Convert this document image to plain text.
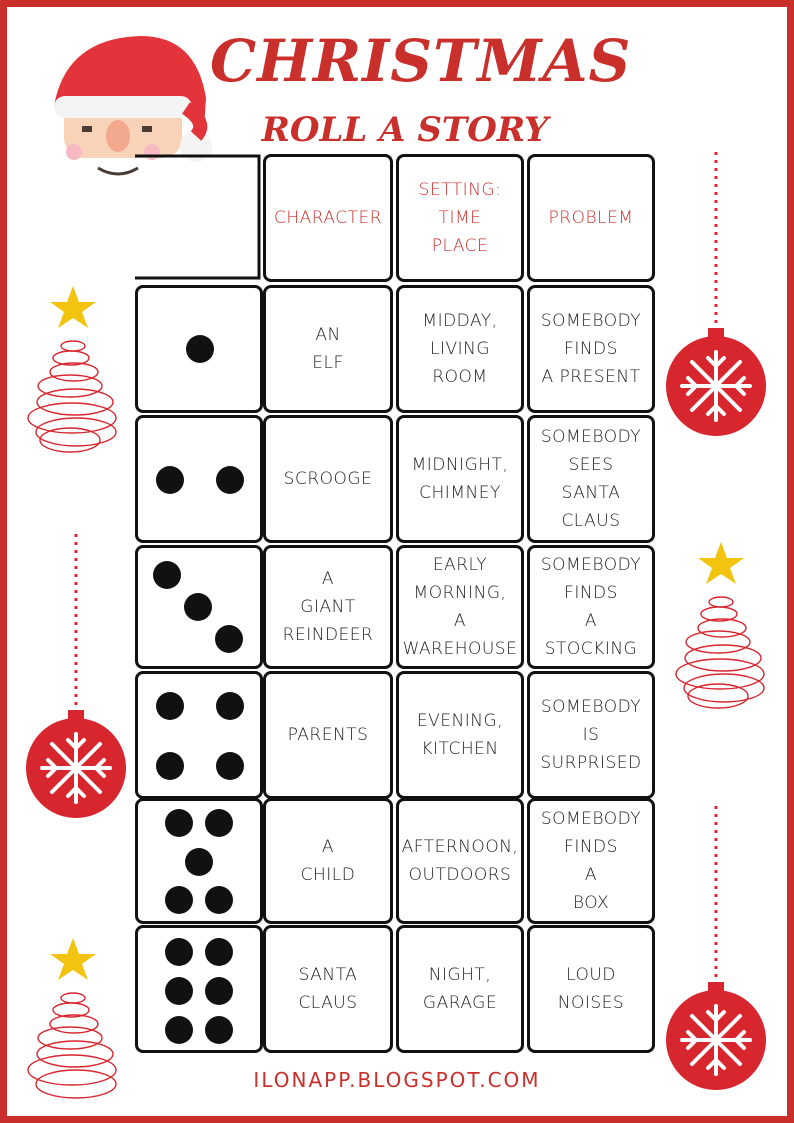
CHRISTMAS
ROLL A STORY
CHARACTER
SETTING:
TIME
PLACE
PROBLEM
AN
ELF
MIDDAY,
LIVING
ROOM
SOMEBODY
FINDS
A PRESENT
SCROOGE
MIDNIGHT,
CHIMNEY
SOMEBODY
SEES
SANTA
CLAUS
A
GIANT
REINDEER
EARLY
MORNING,
A
WAREHOUSE
SOMEBODY
FINDS
A
STOCKING
PARENTS
EVENING,
KITCHEN
SOMEBODY
IS
SURPRISED
A
CHILD
AFTERNOON,
OUTDOORS
SOMEBODY
FINDS
A
BOX
SANTA
CLAUS
NIGHT,
GARAGE
LOUD
NOISES
ILONAPP.BLOGSPOT.COM
